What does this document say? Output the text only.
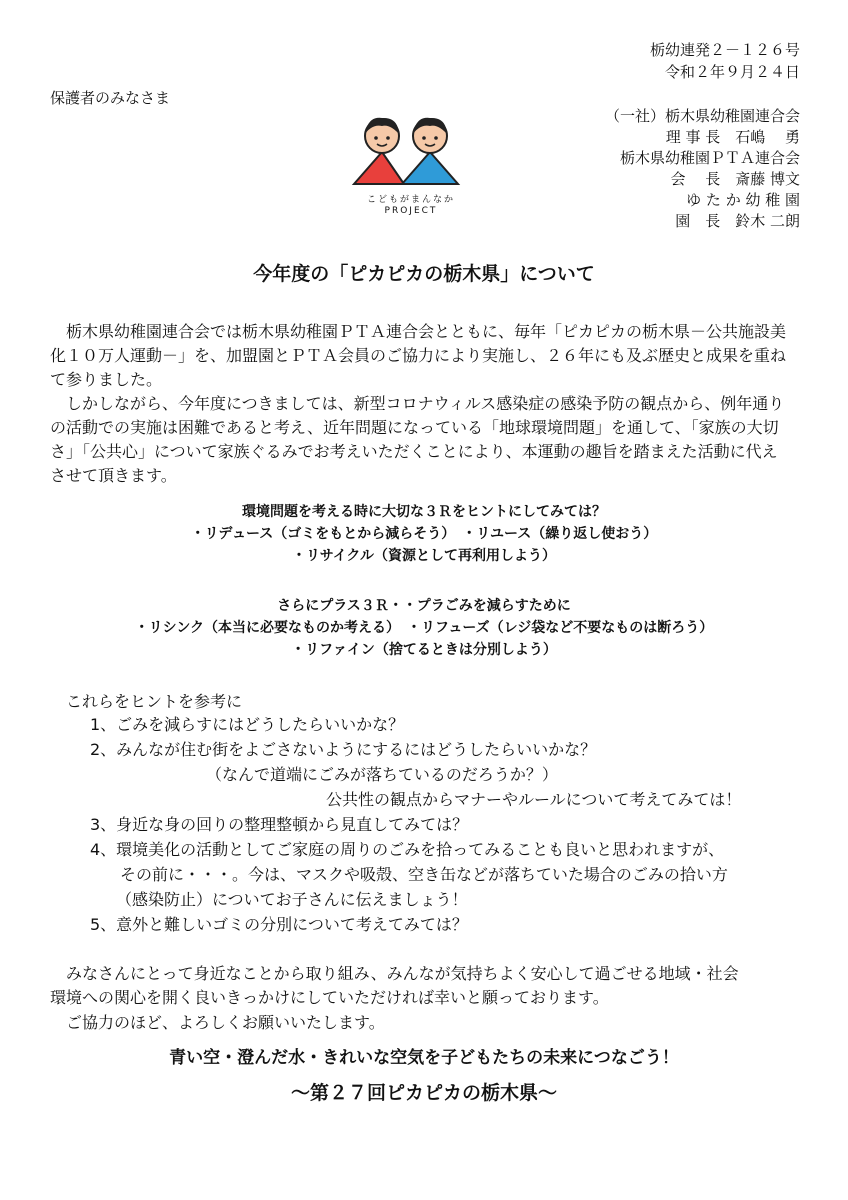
栃幼連発２－１２６号
令和２年９月２４日
保護者のみなさま
（一社）栃木県幼稚園連合会
理 事 長　石嶋　 勇
栃木県幼稚園ＰＴＡ連合会
会　 長　斎藤 博文
ゆ た か 幼 稚 園
園　長　鈴木 二朗
こどもがまんなか
PROJECT
今年度の「ピカピカの栃木県」について
栃木県幼稚園連合会では栃木県幼稚園ＰＴＡ連合会とともに、毎年「ピカピカの栃木県－公共施設美
化１０万人運動－」を、加盟園とＰＴＡ会員のご協力により実施し、２６年にも及ぶ歴史と成果を重ね
て参りました。
しかしながら、今年度につきましては、新型コロナウィルス感染症の感染予防の観点から、例年通り
の活動での実施は困難であると考え、近年問題になっている「地球環境問題」を通して、「家族の大切
さ」「公共心」について家族ぐるみでお考えいただくことにより、本運動の趣旨を踏まえた活動に代え
させて頂きます。
環境問題を考える時に大切な３Ｒをヒントにしてみては？
・リデュース（ゴミをもとから減らそう）　・リユース（繰り返し使おう）
・リサイクル（資源として再利用しよう）
さらにプラス３Ｒ・・プラごみを減らすために
・リシンク（本当に必要なものか考える）　・リフューズ（レジ袋など不要なものは断ろう）
・リファイン（捨てるときは分別しよう）
これらをヒントを参考に
1、ごみを減らすにはどうしたらいいかな？
2、みんなが住む街をよごさないようにするにはどうしたらいいかな？
（なんで道端にごみが落ちているのだろうか？）
公共性の観点からマナーやルールについて考えてみては！
3、身近な身の回りの整理整頓から見直してみては？
4、環境美化の活動としてご家庭の周りのごみを拾ってみることも良いと思われますが、
その前に・・・。今は、マスクや吸殻、空き缶などが落ちていた場合のごみの拾い方
（感染防止）についてお子さんに伝えましょう！
5、意外と難しいゴミの分別について考えてみては？
みなさんにとって身近なことから取り組み、みんなが気持ちよく安心して過ごせる地域・社会
環境への関心を開く良いきっかけにしていただければ幸いと願っております。
ご協力のほど、よろしくお願いいたします。
青い空・澄んだ水・きれいな空気を子どもたちの未来につなごう！
～第２７回ピカピカの栃木県～
